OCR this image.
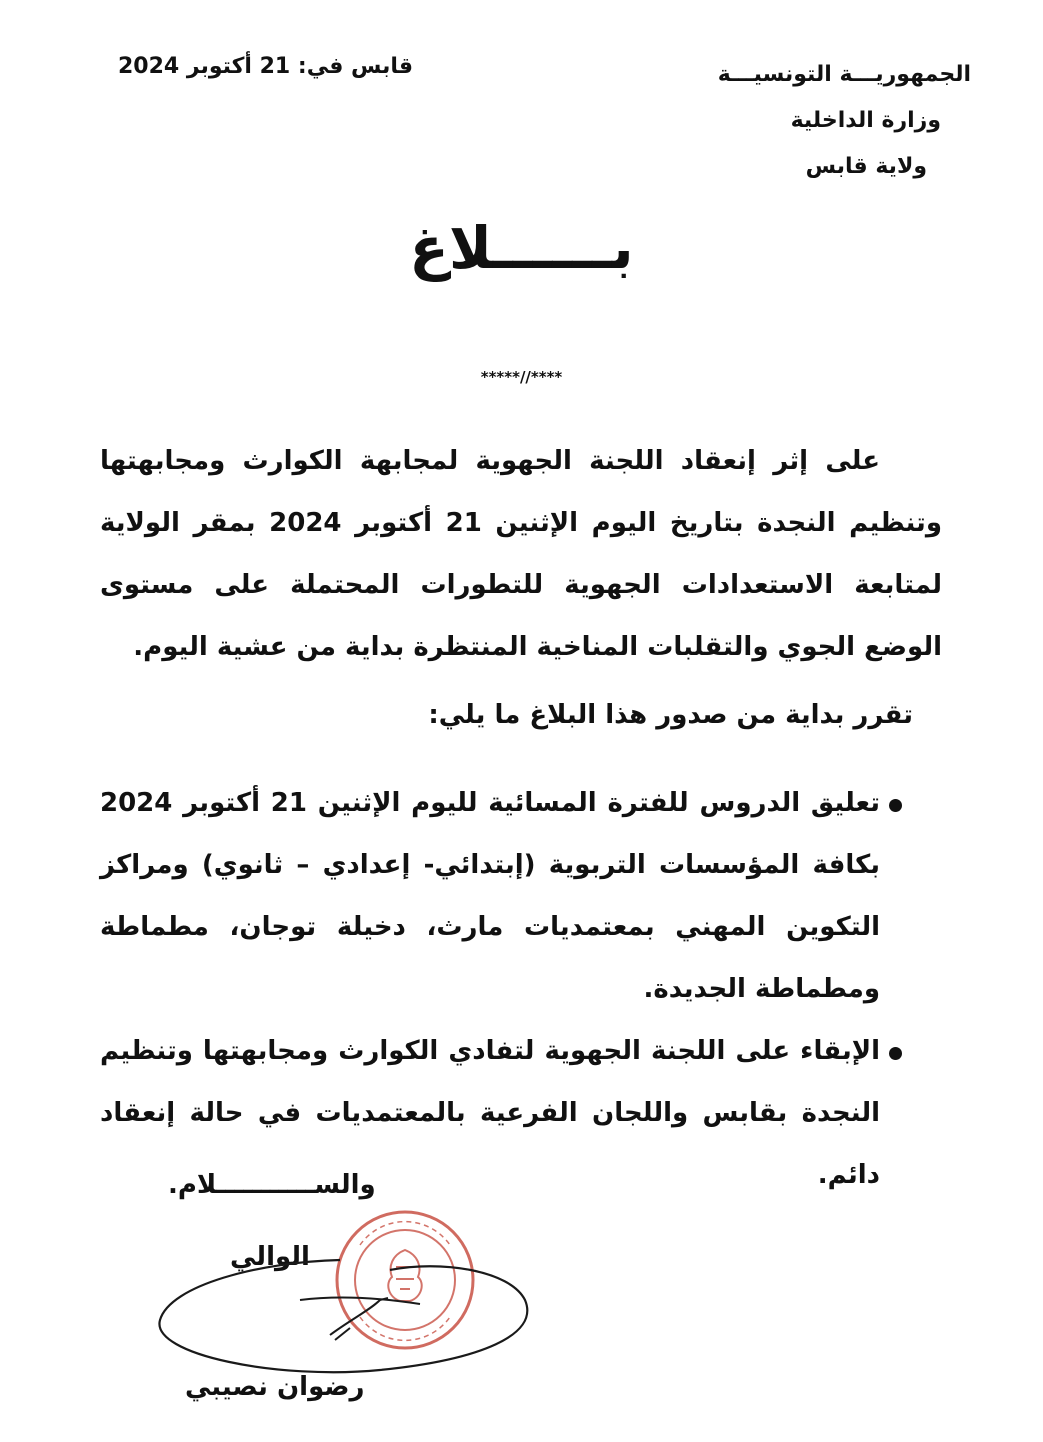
الجمهوريـــة التونسيـــة
وزارة الداخلية
ولاية قابس
قابس في: 21 أكتوبر 2024
بــــــلاغ
*****//****
على إثر إنعقاد اللجنة الجهوية لمجابهة الكوارث ومجابهتها وتنظيم النجدة بتاريخ اليوم الإثنين 21 أكتوبر 2024 بمقر الولاية لمتابعة الاستعدادات الجهوية للتطورات المحتملة على مستوى الوضع الجوي والتقلبات المناخية المنتظرة بداية من عشية اليوم.
تقرر بداية من صدور هذا البلاغ ما يلي:
تعليق الدروس للفترة المسائية لليوم الإثنين 21 أكتوبر 2024 بكافة المؤسسات التربوية (إبتدائي- إعدادي – ثانوي) ومراكز التكوين المهني بمعتمديات مارث، دخيلة توجان، مطماطة ومطماطة الجديدة.
الإبقاء على اللجنة الجهوية لتفادي الكوارث ومجابهتها وتنظيم النجدة بقابس واللجان الفرعية بالمعتمديات في حالة إنعقاد دائم.
والســـــــــــلام.
الوالي
رضوان نصيبي
